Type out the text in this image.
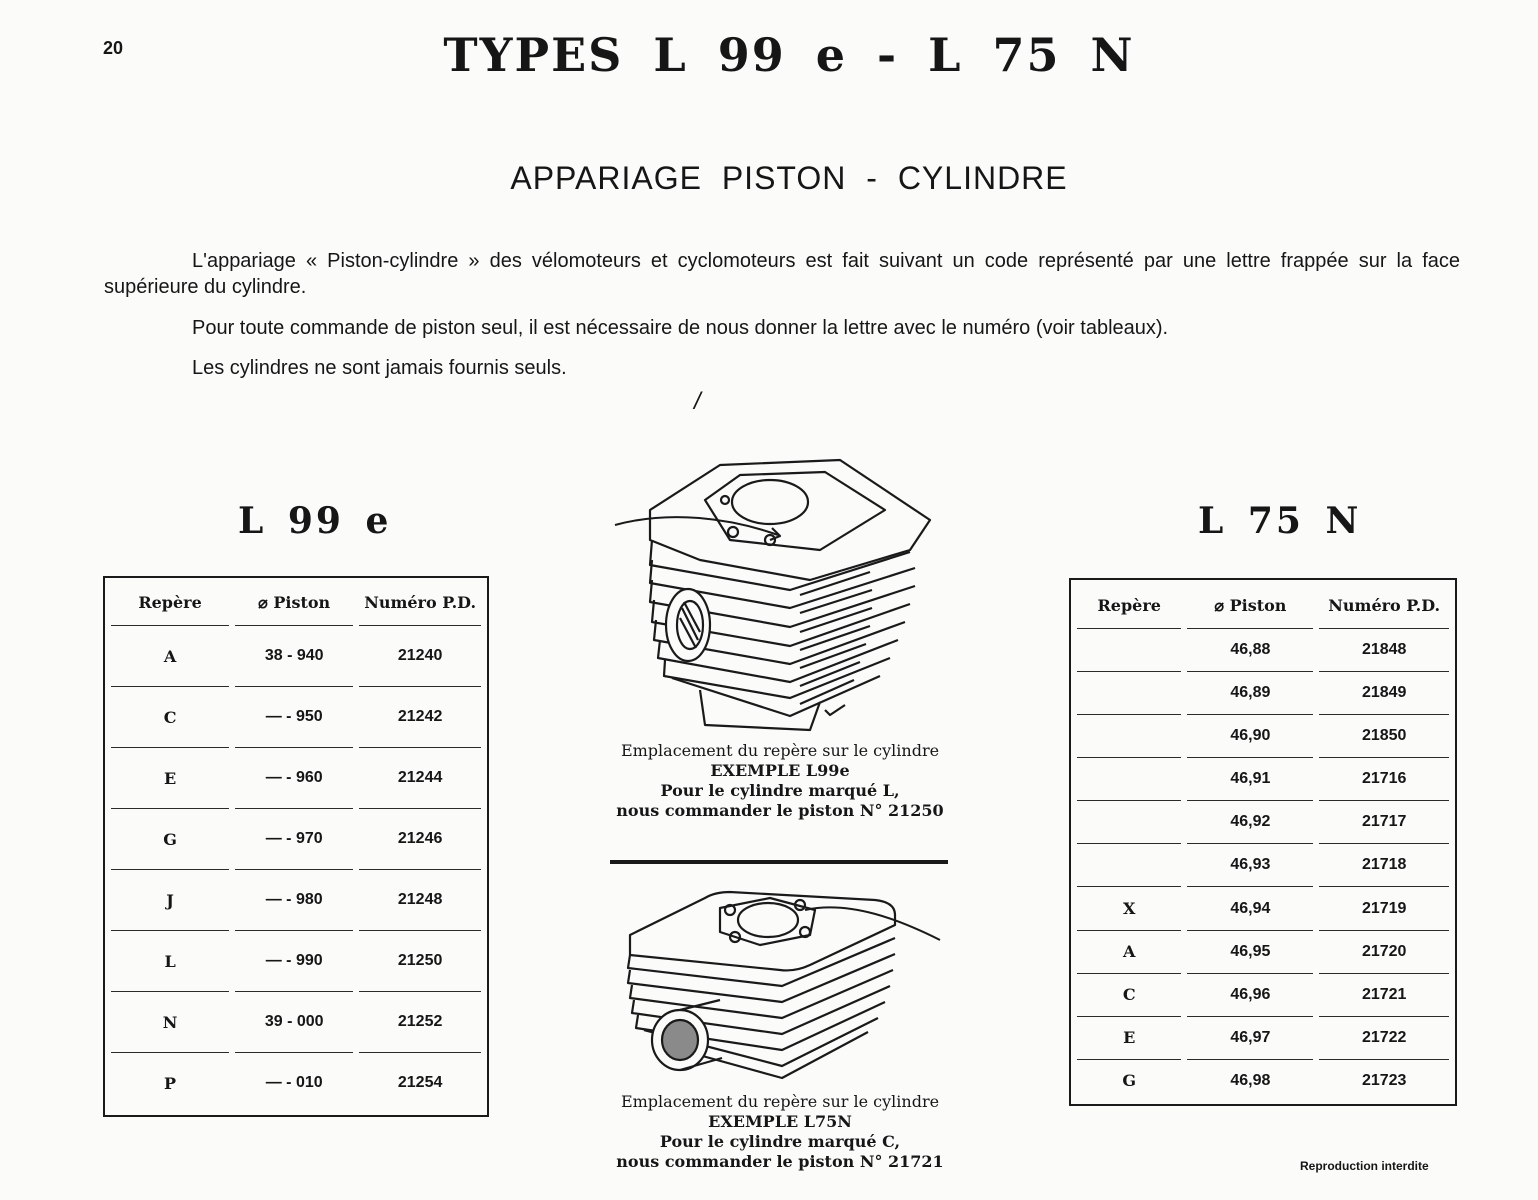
20	TYPES L 99 e - L 75 N
APPARIAGE PISTON - CYLINDRE
L'appariage « Piston-cylindre » des vélomoteurs et cyclomoteurs est fait suivant un code représenté par une lettre frappée sur la face supérieure du cylindre.
Pour toute commande de piston seul, il est nécessaire de nous donner la lettre avec le numéro (voir tableaux).
Les cylindres ne sont jamais fournis seuls.
/
L 99 e	L 75 N
Repère	⌀ Piston	Numéro P.D.
A	38 - 940	21240
C	— - 950	21242
E	— - 960	21244
G	— - 970	21246
J	— - 980	21248
L	— - 990	21250
N	39 - 000	21252
P	— - 010	21254
Repère	⌀ Piston	Numéro P.D.
	46,88	21848
	46,89	21849
	46,90	21850
	46,91	21716
	46,92	21717
	46,93	21718
X	46,94	21719
A	46,95	21720
C	46,96	21721
E	46,97	21722
G	46,98	21723
Emplacement du repère sur le cylindre
EXEMPLE L99e
Pour le cylindre marqué L,
nous commander le piston N° 21250
Emplacement du repère sur le cylindre
EXEMPLE L75N
Pour le cylindre marqué C,
nous commander le piston N° 21721	Reproduction interdite
